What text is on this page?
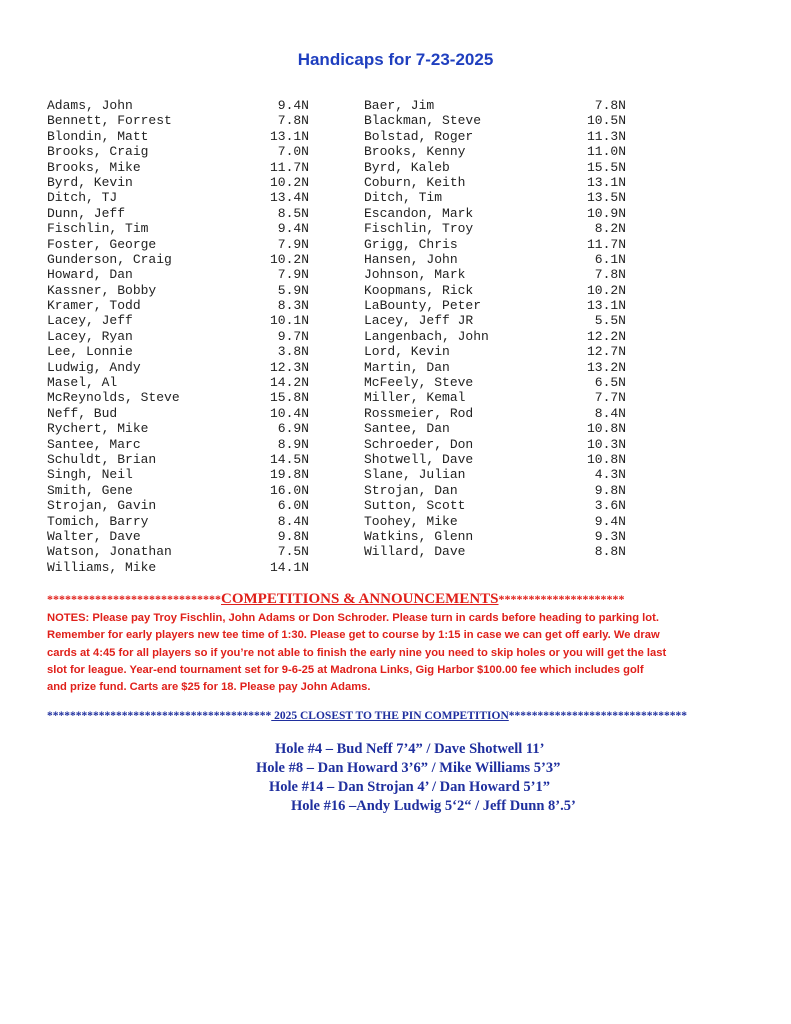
Handicaps for 7-23-2025
Adams, John	9.4N
Bennett, Forrest	7.8N
Blondin, Matt	13.1N
Brooks, Craig	7.0N
Brooks, Mike	11.7N
Byrd, Kevin	10.2N
Ditch, TJ	13.4N
Dunn, Jeff	8.5N
Fischlin, Tim	9.4N
Foster, George	7.9N
Gunderson, Craig	10.2N
Howard, Dan	7.9N
Kassner, Bobby	5.9N
Kramer, Todd	8.3N
Lacey, Jeff	10.1N
Lacey, Ryan	9.7N
Lee, Lonnie	3.8N
Ludwig, Andy	12.3N
Masel, Al	14.2N
McReynolds, Steve	15.8N
Neff, Bud	10.4N
Rychert, Mike	6.9N
Santee, Marc	8.9N
Schuldt, Brian	14.5N
Singh, Neil	19.8N
Smith, Gene	16.0N
Strojan, Gavin	6.0N
Tomich, Barry	8.4N
Walter, Dave	9.8N
Watson, Jonathan	7.5N
Williams, Mike	14.1N
Baer, Jim	7.8N
Blackman, Steve	10.5N
Bolstad, Roger	11.3N
Brooks, Kenny	11.0N
Byrd, Kaleb	15.5N
Coburn, Keith	13.1N
Ditch, Tim	13.5N
Escandon, Mark	10.9N
Fischlin, Troy	8.2N
Grigg, Chris	11.7N
Hansen, John	6.1N
Johnson, Mark	7.8N
Koopmans, Rick	10.2N
LaBounty, Peter	13.1N
Lacey, Jeff JR	5.5N
Langenbach, John	12.2N
Lord, Kevin	12.7N
Martin, Dan	13.2N
McFeely, Steve	6.5N
Miller, Kemal	7.7N
Rossmeier, Rod	8.4N
Santee, Dan	10.8N
Schroeder, Don	10.3N
Shotwell, Dave	10.8N
Slane, Julian	4.3N
Strojan, Dan	9.8N
Sutton, Scott	3.6N
Toohey, Mike	9.4N
Watkins, Glenn	9.3N
Willard, Dave	8.8N
*****************************COMPETITIONS & ANNOUNCEMENTS*********************

NOTES: Please pay Troy Fischlin, John Adams or Don Schroder. Please turn in cards before heading to parking lot.

Remember for early players new tee time of 1:30. Please get to course by 1:15 in case we can get off early. We draw

cards at 4:45 for all players so if you’re not able to finish the early nine you need to skip holes or you will get the last

slot for league. Year-end tournament set for 9-6-25 at Madrona Links, Gig Harbor $100.00 fee which includes golf

and prize fund. Carts are $25 for 18. Please pay John Adams.

*************************************** 2025 CLOSEST TO THE PIN COMPETITION*******************************
Hole #4 – Bud Neff 7’4” / Dave Shotwell 11’
Hole #8 – Dan Howard 3’6” / Mike Williams 5’3”
Hole #14 – Dan Strojan 4’ / Dan Howard 5’1”
Hole #16 –Andy Ludwig 5‘2“ / Jeff Dunn 8’.5’
